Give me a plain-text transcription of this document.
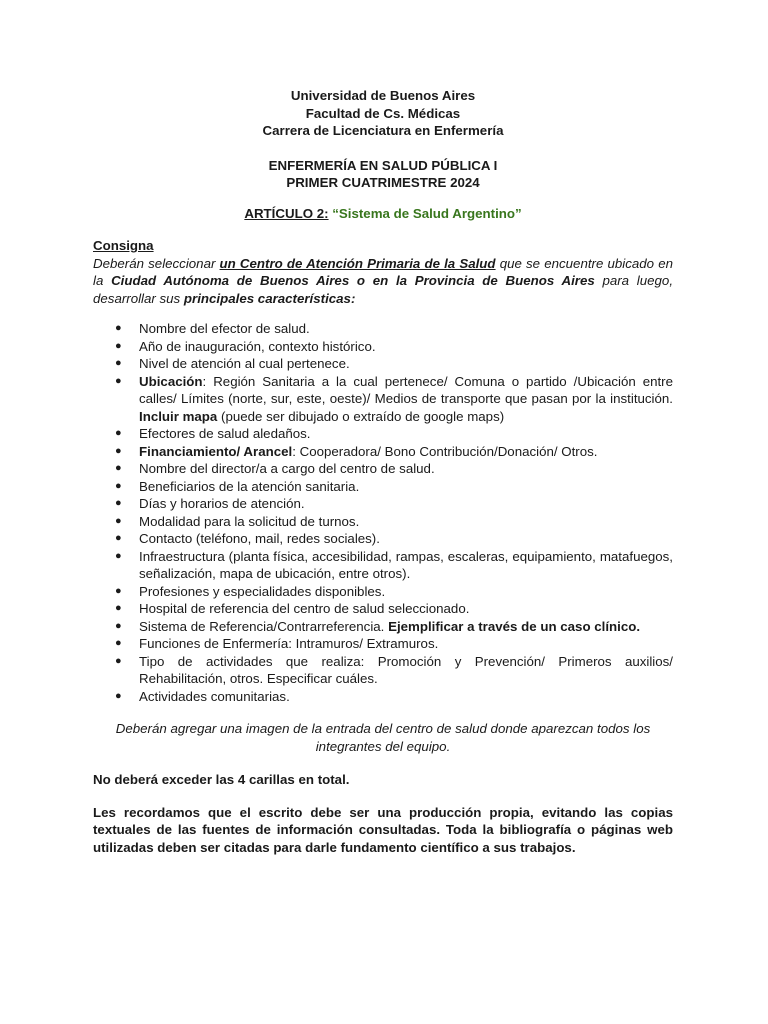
Universidad de Buenos Aires

Facultad de Cs. Médicas

Carrera de Licenciatura en Enfermería

ENFERMERÍA EN SALUD PÚBLICA I

PRIMER CUATRIMESTRE 2024

ARTÍCULO 2: “Sistema de Salud Argentino”
Consigna

Deberán seleccionar un Centro de Atención Primaria de la Salud que se encuentre ubicado en la Ciudad Autónoma de Buenos Aires o en la Provincia de Buenos Aires para luego, desarrollar sus principales características:

● Nombre del efector de salud.
● Año de inauguración, contexto histórico.
● Nivel de atención al cual pertenece.
● Ubicación: Región Sanitaria a la cual pertenece/ Comuna o partido /Ubicación entre calles/ Límites (norte, sur, este, oeste)/ Medios de transporte que pasan por la institución. Incluir mapa (puede ser dibujado o extraído de google maps)
● Efectores de salud aledaños.
● Financiamiento/ Arancel: Cooperadora/ Bono Contribución/Donación/ Otros.
● Nombre del director/a a cargo del centro de salud.
● Beneficiarios de la atención sanitaria.
● Días y horarios de atención.
● Modalidad para la solicitud de turnos.
● Contacto (teléfono, mail, redes sociales).
● Infraestructura (planta física, accesibilidad, rampas, escaleras, equipamiento, matafuegos, señalización, mapa de ubicación, entre otros).
● Profesiones y especialidades disponibles.
● Hospital de referencia del centro de salud seleccionado.
● Sistema de Referencia/Contrarreferencia. Ejemplificar a través de un caso clínico.
● Funciones de Enfermería: Intramuros/ Extramuros.
● Tipo de actividades que realiza: Promoción y Prevención/ Primeros auxilios/ Rehabilitación, otros. Especificar cuáles.
● Actividades comunitarias.
Deberán agregar una imagen de la entrada del centro de salud donde aparezcan todos los integrantes del equipo.
No deberá exceder las 4 carillas en total.
Les recordamos que el escrito debe ser una producción propia, evitando las copias textuales de las fuentes de información consultadas. Toda la bibliografía o páginas web utilizadas deben ser citadas para darle fundamento científico a sus trabajos.
